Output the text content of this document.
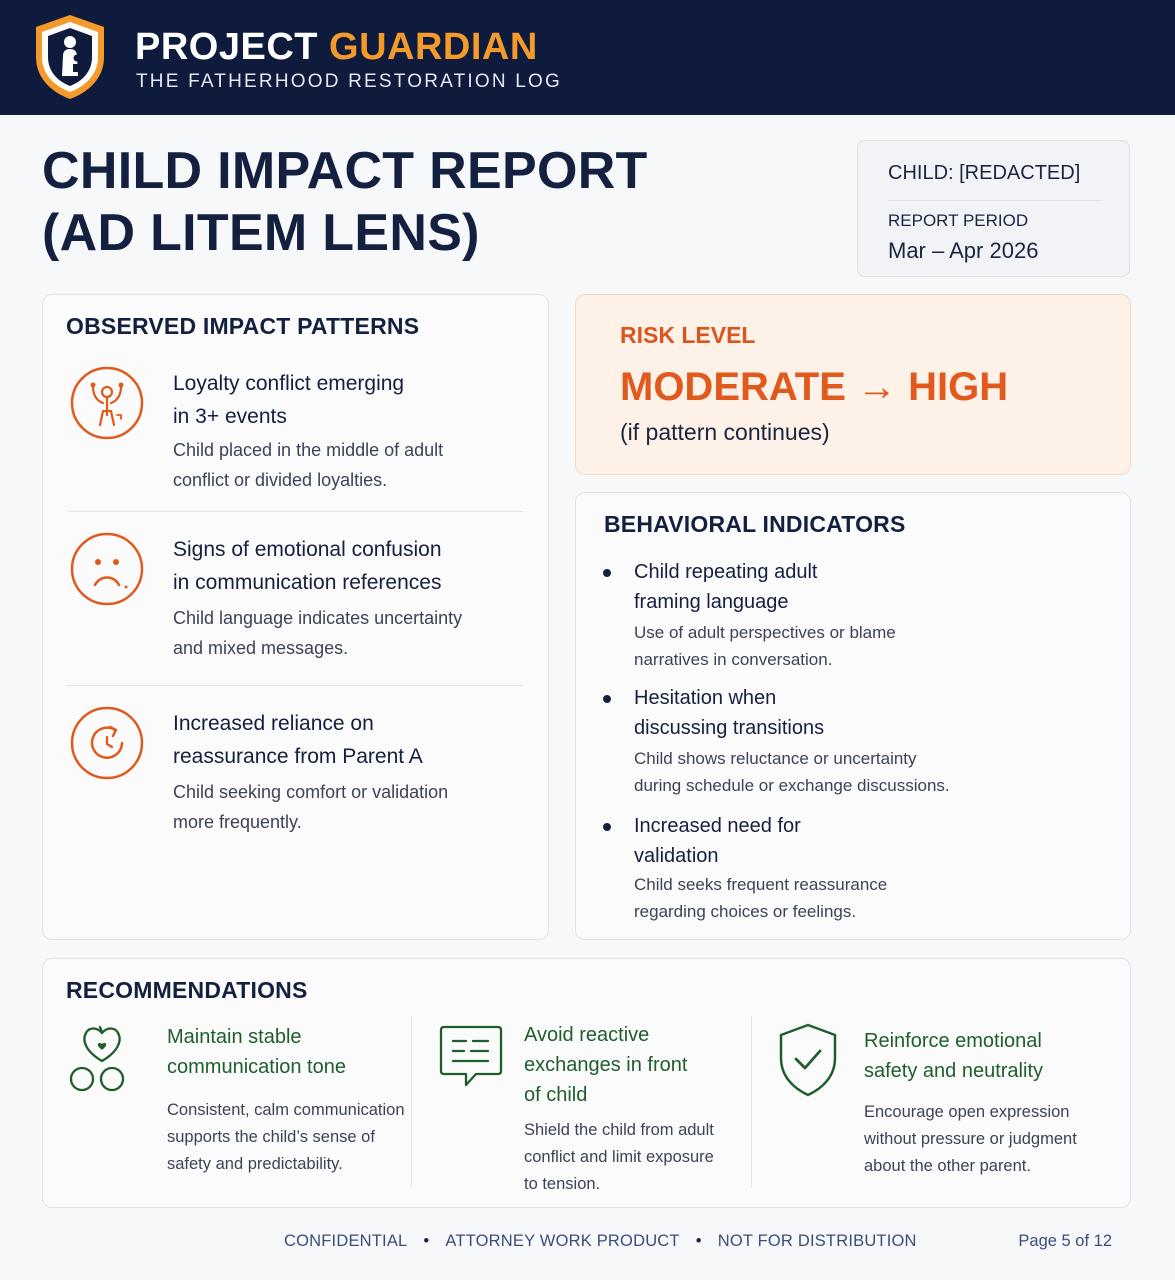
PROJECT GUARDIAN
THE FATHERHOOD RESTORATION LOG
CHILD IMPACT REPORT
(AD LITEM LENS)
CHILD: [REDACTED]
REPORT PERIOD
Mar – Apr 2026
OBSERVED IMPACT PATTERNS
Loyalty conflict emerging
in 3+ events
Child placed in the middle of adult
conflict or divided loyalties.
Signs of emotional confusion
in communication references
Child language indicates uncertainty
and mixed messages.
Increased reliance on
reassurance from Parent A
Child seeking comfort or validation
more frequently.
RISK LEVEL
MODERATE → HIGH
(if pattern continues)
BEHAVIORAL INDICATORS
Child repeating adult
framing language
Use of adult perspectives or blame
narratives in conversation.
Hesitation when
discussing transitions
Child shows reluctance or uncertainty
during schedule or exchange discussions.
Increased need for
validation
Child seeks frequent reassurance
regarding choices or feelings.
RECOMMENDATIONS
Maintain stable
communication tone
Consistent, calm communication
supports the child’s sense of
safety and predictability.
Avoid reactive
exchanges in front
of child
Shield the child from adult
conflict and limit exposure
to tension.
Reinforce emotional
safety and neutrality
Encourage open expression
without pressure or judgment
about the other parent.
CONFIDENTIAL • ATTORNEY WORK PRODUCT • NOT FOR DISTRIBUTION	Page 5 of 12
